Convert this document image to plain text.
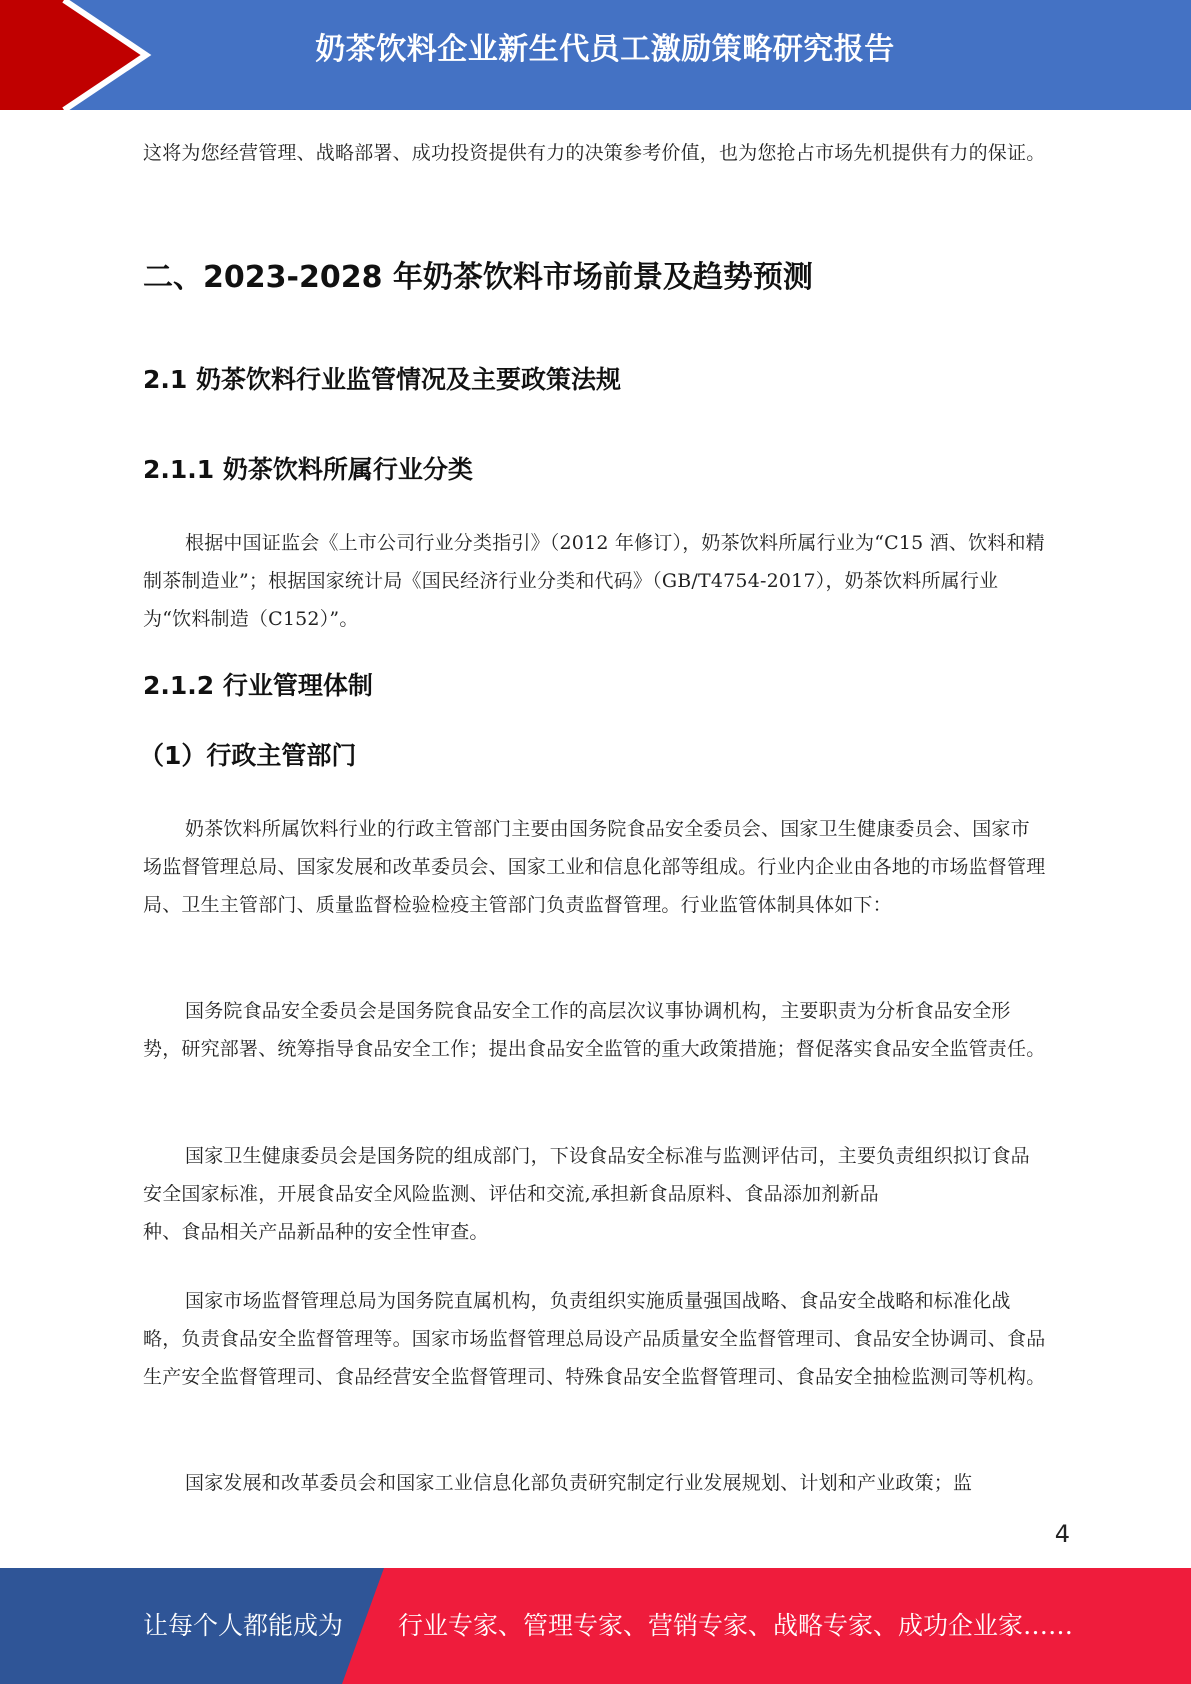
奶茶饮料企业新生代员工激励策略研究报告

这将为您经营管理、战略部署、成功投资提供有力的决策参考价值，也为您抢占市场先机提供有力的保证。

二、2023-2028 年奶茶饮料市场前景及趋势预测
2.1 奶茶饮料行业监管情况及主要政策法规
2.1.1 奶茶饮料所属行业分类

根据中国证监会《上市公司行业分类指引》（2012 年修订），奶茶饮料所属行业为“C15 酒、饮料和精制茶制造业”；根据国家统计局《国民经济行业分类和代码》（GB/T4754-2017），奶茶饮料所属行业为“饮料制造（C152）”。

2.1.2 行业管理体制
（1）行政主管部门

奶茶饮料所属饮料行业的行政主管部门主要由国务院食品安全委员会、国家卫生健康委员会、国家市场监督管理总局、国家发展和改革委员会、国家工业和信息化部等组成。行业内企业由各地的市场监督管理局、卫生主管部门、质量监督检验检疫主管部门负责监督管理。行业监管体制具体如下：

国务院食品安全委员会是国务院食品安全工作的高层次议事协调机构，主要职责为分析食品安全形势，研究部署、统筹指导食品安全工作；提出食品安全监管的重大政策措施；督促落实食品安全监管责任。

国家卫生健康委员会是国务院的组成部门，下设食品安全标准与监测评估司，主要负责组织拟订食品安全国家标准，开展食品安全风险监测、评估和交流,承担新食品原料、食品添加剂新品

种、食品相关产品新品种的安全性审查。

国家市场监督管理总局为国务院直属机构，负责组织实施质量强国战略、食品安全战略和标准化战略，负责食品安全监督管理等。国家市场监督管理总局设产品质量安全监督管理司、食品安全协调司、食品生产安全监督管理司、食品经营安全监督管理司、特殊食品安全监督管理司、食品安全抽检监测司等机构。

国家发展和改革委员会和国家工业信息化部负责研究制定行业发展规划、计划和产业政策；监

4
让每个人都能成为 行业专家、管理专家、营销专家、战略专家、成功企业家……
